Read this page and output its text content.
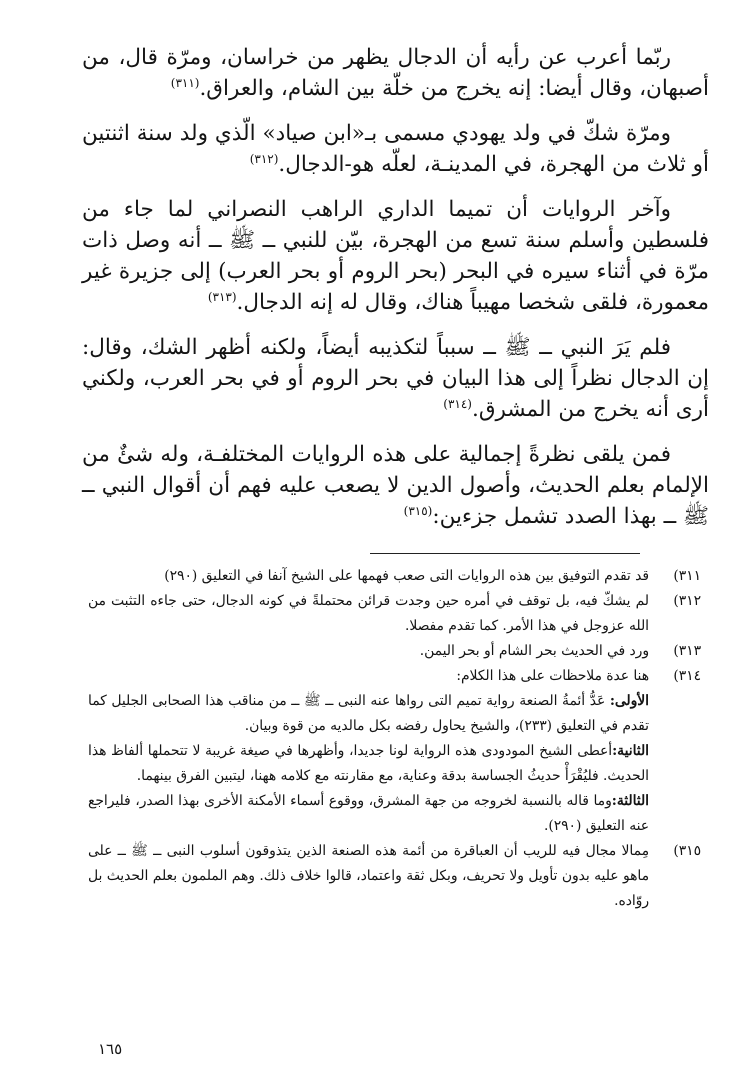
ربّما أعرب عن رأيه أن الدجال يظهر من خراسان، ومرّة قال، من أصبهان، وقال أيضا: إنه يخرج من خلّة بين الشام، والعراق.$^{(٣١١)}$

ومرّة شكّ في ولد يهودي مسمى بـ«ابن صياد» الّذي ولد سنة اثنتين أو ثلاث من الهجرة، في المدينـة، لعلّه هو-الدجال.$^{(٣١٢)}$

وآخر الروايات أن تميما الداري الراهب النصراني لما جاء من فلسطين وأسلم سنة تسع من الهجرة، بيّن للنبي ــ ﷺ ــ أنه وصل ذات مرّة في أثناء سيره في البحر (بحر الروم أو بحر العرب) إلى جزيرة غير معمورة، فلقى شخصا مهيباً هناك، وقال له إنه الدجال.$^{(٣١٣)}$

فلم يَرَ النبي ــ ﷺ ــ سبباً لتكذيبه أيضاً، ولكنه أظهر الشك، وقال: إن الدجال نظراً إلى هذا البيان في بحر الروم أو في بحر العرب، ولكني أرى أنه يخرج من المشرق.$^{(٣١٤)}$

فمن يلقى نظرةً إجمالية على هذه الروايات المختلفـة، وله شئٌ من الإلمام بعلم الحديث، وأصول الدين لا يصعب عليه فهم أن أقوال النبي ــ ﷺ ــ بهذا الصدد تشمل جزءين:$^{(٣١٥)}$

٣١١)

قد تقدم التوفيق بين هذه الروايات التى صعب فهمها على الشيخ آنفا في التعليق (٢٩٠)

٣١٢)

لم يشكّ فيه، بل توقف في أمره حين وجدت قرائن محتملةً في كونه الدجال، حتى جاءه التثبت من الله عزوجل في هذا الأمر. كما تقدم مفصلا.

٣١٣)

ورد في الحديث بحر الشام أو بحر اليمن.

٣١٤)

هنا عدة ملاحظات على هذا الكلام:

الأولى: عَدُّ أئمةُ الصنعة رواية تميم التى رواها عنه النبى ــ ﷺ ــ من مناقب هذا الصحابى الجليل كما تقدم في التعليق (٢٣٣)، والشيخ يحاول رفضه بكل مالديه من قوة وبيان.

الثانية:أعطى الشيخ المودودى هذه الرواية لونا جديدا، وأظهرها في صيغة غريبة لا تتحملها ألفاظ هذا الحديث. فليُقْرَأْ حديثُ الجساسة بدقة وعناية، مع مقارنته مع كلامه ههنا، ليتبين الفرق بينهما.

الثالثة:وما قاله بالنسبة لخروجه من جهة المشرق، ووقوع أسماء الأمكنة الأخرى بهذا الصدر، فليراجع عنه التعليق (٢٩٠).

٣١٥)

مِمالا مجال فيه للريب أن العباقرة من أئمة هذه الصنعة الذين يتذوقون أسلوب النبى ــ ﷺ ــ على ماهو عليه بدون تأويل ولا تحريف، وبكل ثقة واعتماد، قالوا خلاف ذلك. وهم الملمون بعلم الحديث بل روّاده.

١٦٥
